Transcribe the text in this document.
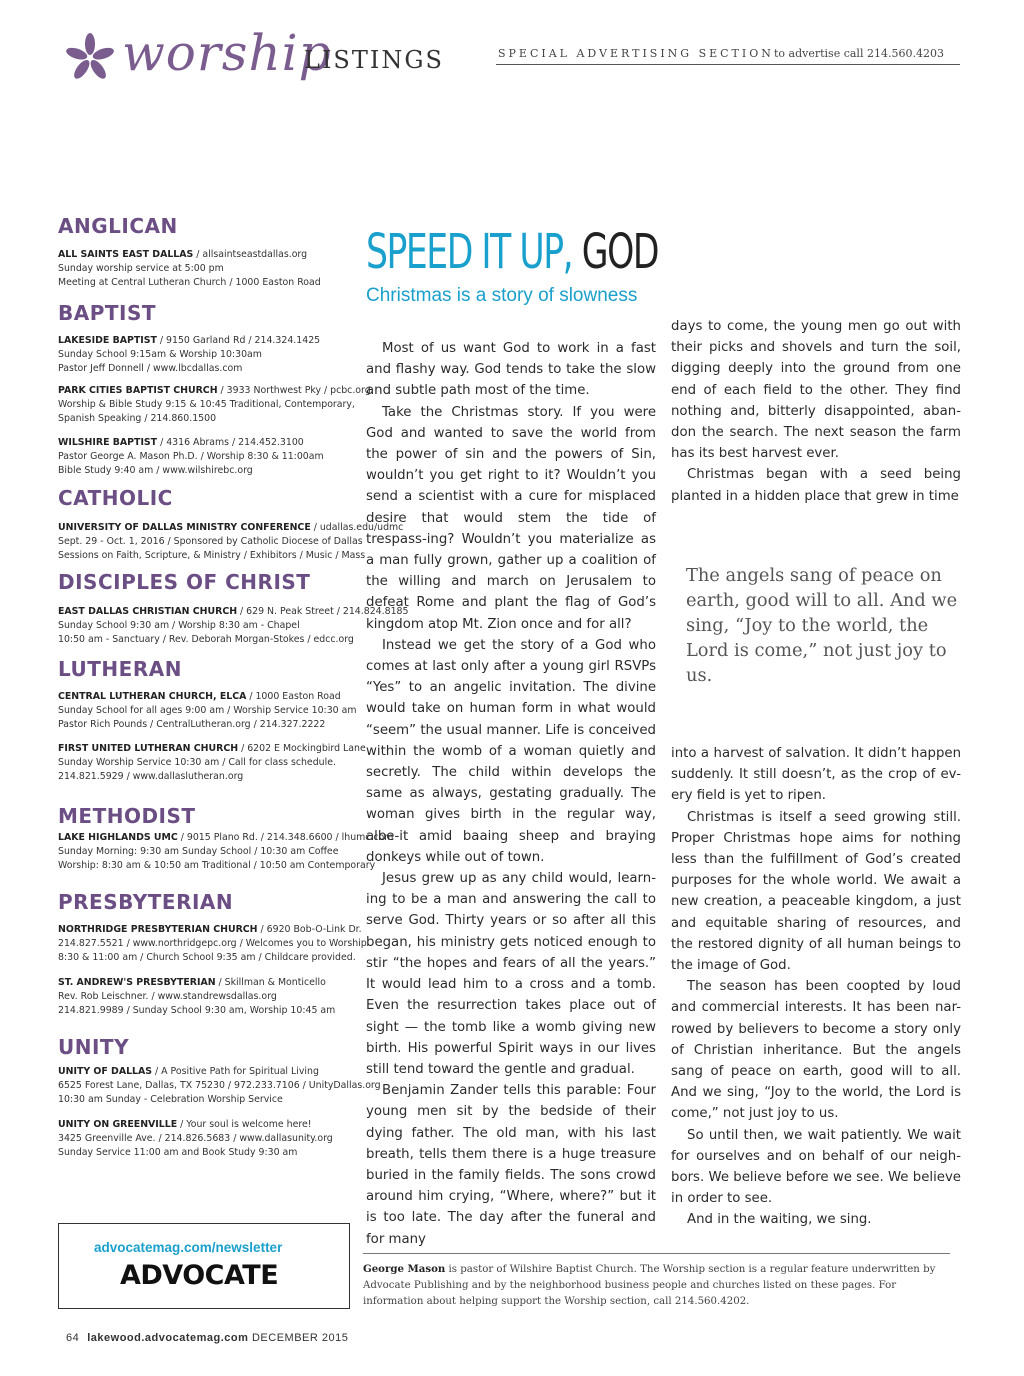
worship
LISTINGS	SPECIAL ADVERTISING SECTION to advertise call 214.560.4203
ANGLICAN
ALL SAINTS EAST DALLAS / allsaintseastdallas.org
Sunday worship service at 5:00 pm
Meeting at Central Lutheran Church / 1000 Easton Road
BAPTIST
LAKESIDE BAPTIST / 9150 Garland Rd / 214.324.1425
Sunday School 9:15am & Worship 10:30am
Pastor Jeff Donnell / www.lbcdallas.com
PARK CITIES BAPTIST CHURCH / 3933 Northwest Pky / pcbc.org
Worship & Bible Study 9:15 & 10:45 Traditional, Contemporary,
Spanish Speaking / 214.860.1500
WILSHIRE BAPTIST / 4316 Abrams / 214.452.3100
Pastor George A. Mason Ph.D. / Worship 8:30 & 11:00am
Bible Study 9:40 am / www.wilshirebc.org
CATHOLIC
UNIVERSITY OF DALLAS MINISTRY CONFERENCE / udallas.edu/udmc
Sept. 29 - Oct. 1, 2016 / Sponsored by Catholic Diocese of Dallas
Sessions on Faith, Scripture, & Ministry / Exhibitors / Music / Mass
DISCIPLES OF CHRIST
EAST DALLAS CHRISTIAN CHURCH / 629 N. Peak Street / 214.824.8185
Sunday School 9:30 am / Worship 8:30 am - Chapel
10:50 am - Sanctuary / Rev. Deborah Morgan-Stokes / edcc.org
LUTHERAN
CENTRAL LUTHERAN CHURCH, ELCA / 1000 Easton Road
Sunday School for all ages 9:00 am / Worship Service 10:30 am
Pastor Rich Pounds / CentralLutheran.org / 214.327.2222
FIRST UNITED LUTHERAN CHURCH / 6202 E Mockingbird Lane
Sunday Worship Service 10:30 am / Call for class schedule.
214.821.5929 / www.dallaslutheran.org
METHODIST
LAKE HIGHLANDS UMC / 9015 Plano Rd. / 214.348.6600 / lhumc.com
Sunday Morning: 9:30 am Sunday School / 10:30 am Coffee
Worship: 8:30 am & 10:50 am Traditional / 10:50 am Contemporary
PRESBYTERIAN
NORTHRIDGE PRESBYTERIAN CHURCH / 6920 Bob-O-Link Dr.
214.827.5521 / www.northridgepc.org / Welcomes you to Worship
8:30 & 11:00 am / Church School 9:35 am / Childcare provided.
ST. ANDREW'S PRESBYTERIAN / Skillman & Monticello
Rev. Rob Leischner. / www.standrewsdallas.org
214.821.9989 / Sunday School 9:30 am, Worship 10:45 am
UNITY
UNITY OF DALLAS / A Positive Path for Spiritual Living
6525 Forest Lane, Dallas, TX 75230 / 972.233.7106 / UnityDallas.org
10:30 am Sunday - Celebration Worship Service
UNITY ON GREENVILLE / Your soul is welcome here!
3425 Greenville Ave. / 214.826.5683 / www.dallasunity.org
Sunday Service 11:00 am and Book Study 9:30 am
SPEED IT UP, GOD
Christmas is a story of slowness

Most of us want God to work in a fast and flashy way. God tends to take the slow and subtle path most of the time.

Take the Christmas story. If you were God and wanted to save the world from the power of sin and the powers of Sin, wouldn’t you get right to it? Wouldn’t you send a scientist with a cure for misplaced desire that would stem the tide of trespass-ing? Wouldn’t you materialize as a man fully grown, gather up a coalition of the willing and march on Jerusalem to defeat Rome and plant the flag of God’s kingdom atop Mt. Zion once and for all?

Instead we get the story of a God who comes at last only after a young girl RSVPs “Yes” to an angelic invitation. The divine would take on human form in what would “seem” the usual manner. Life is conceived within the womb of a woman quietly and secretly. The child within develops the same as always, gestating gradually. The woman gives birth in the regular way, albe-it amid baaing sheep and braying donkeys while out of town.

Jesus grew up as any child would, learn-ing to be a man and answering the call to serve God. Thirty years or so after all this began, his ministry gets noticed enough to stir “the hopes and fears of all the years.” It would lead him to a cross and a tomb. Even the resurrection takes place out of sight — the tomb like a womb giving new birth. His powerful Spirit ways in our lives still tend toward the gentle and gradual.

Benjamin Zander tells this parable: Four young men sit by the bedside of their dying father. The old man, with his last breath, tells them there is a huge treasure buried in the family fields. The sons crowd around him crying, “Where, where?” but it is too late. The day after the funeral and for many

days to come, the young men go out with their picks and shovels and turn the soil, digging deeply into the ground from one end of each field to the other. They find nothing and, bitterly disappointed, aban-don the search. The next season the farm has its best harvest ever.

Christmas began with a seed being planted in a hidden place that grew in time

The angels sang of peace on earth, good will to all. And we sing, “Joy to the world, the Lord is come,” not just joy to us.

into a harvest of salvation. It didn’t happen suddenly. It still doesn’t, as the crop of ev-ery field is yet to ripen.

Christmas is itself a seed growing still. Proper Christmas hope aims for nothing less than the fulfillment of God’s created purposes for the whole world. We await a new creation, a peaceable kingdom, a just and equitable sharing of resources, and the restored dignity of all human beings to the image of God.

The season has been coopted by loud and commercial interests. It has been nar-rowed by believers to become a story only of Christian inheritance. But the angels sang of peace on earth, good will to all. And we sing, “Joy to the world, the Lord is come,” not just joy to us.

So until then, we wait patiently. We wait for ourselves and on behalf of our neigh-bors. We believe before we see. We believe in order to see.

And in the waiting, we sing.

George Mason is pastor of Wilshire Baptist Church. The Worship section is a regular feature underwritten by Advocate Publishing and by the neighborhood business people and churches listed on these pages. For information about helping support the Worship section, call 214.560.4202.
advocatemag.com/newsletter
ADVOCATE
64 lakewood.advocatemag.com DECEMBER 2015
